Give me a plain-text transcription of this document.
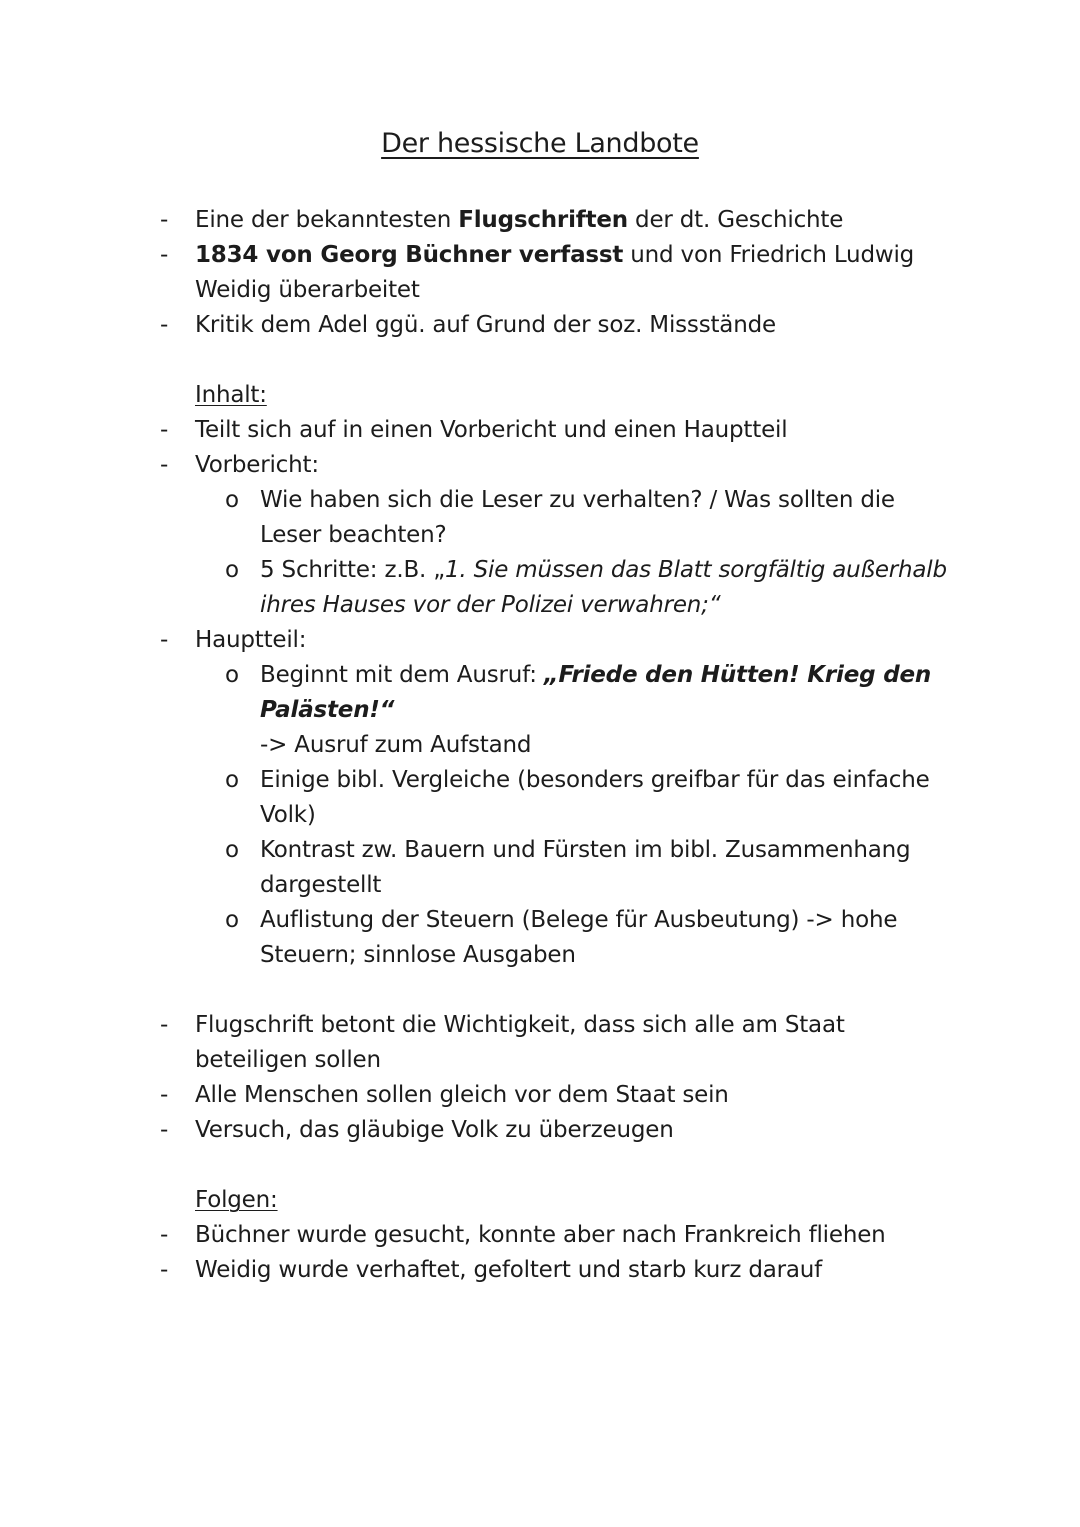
Der hessische Landbote
- Eine der bekanntesten Flugschriften der dt. Geschichte
- 1834 von Georg Büchner verfasst und von Friedrich Ludwig Weidig überarbeitet
- Kritik dem Adel ggü. auf Grund der soz. Missstände
Inhalt:
- Teilt sich auf in einen Vorbericht und einen Hauptteil
- Vorbericht:
o Wie haben sich die Leser zu verhalten? / Was sollten die Leser beachten?
o 5 Schritte: z.B. „1. Sie müssen das Blatt sorgfältig außerhalb ihres Hauses vor der Polizei verwahren;“
- Hauptteil:
o Beginnt mit dem Ausruf: „Friede den Hütten! Krieg den Palästen!“
-> Ausruf zum Aufstand
o Einige bibl. Vergleiche (besonders greifbar für das einfache Volk)
o Kontrast zw. Bauern und Fürsten im bibl. Zusammenhang dargestellt
o Auflistung der Steuern (Belege für Ausbeutung) -> hohe Steuern; sinnlose Ausgaben
- Flugschrift betont die Wichtigkeit, dass sich alle am Staat beteiligen sollen
- Alle Menschen sollen gleich vor dem Staat sein
- Versuch, das gläubige Volk zu überzeugen
Folgen:
- Büchner wurde gesucht, konnte aber nach Frankreich fliehen
- Weidig wurde verhaftet, gefoltert und starb kurz darauf
